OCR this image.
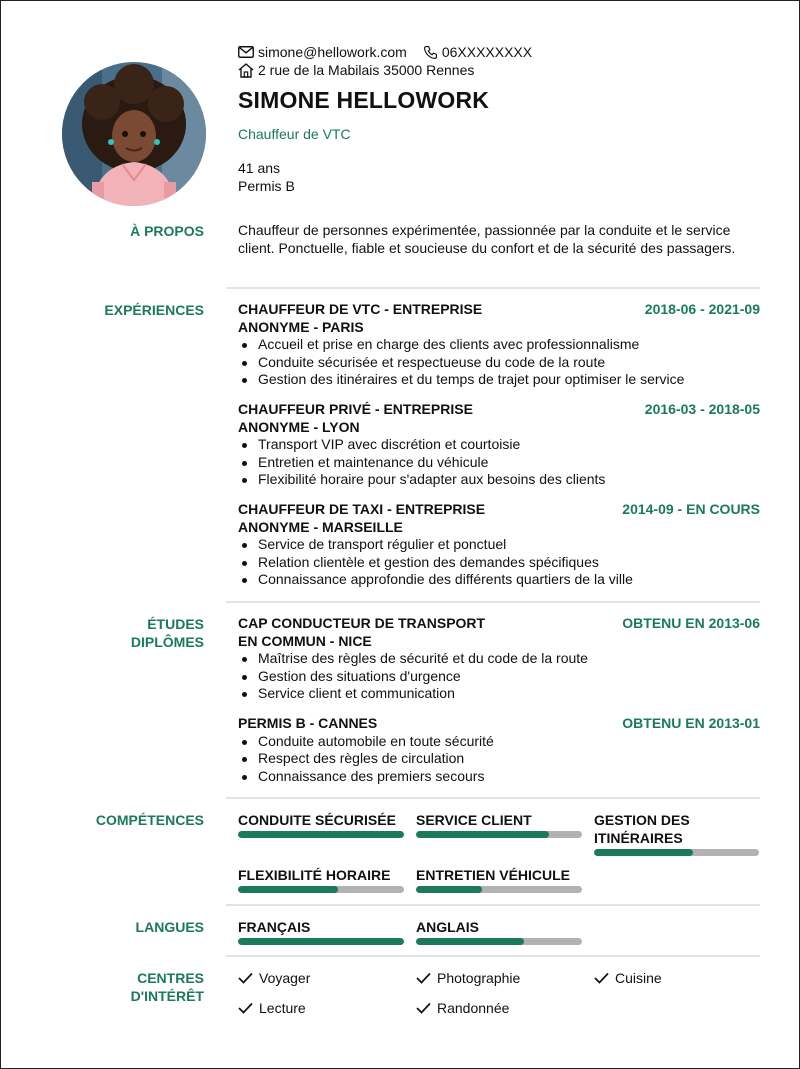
simone@hellowork.com	06XXXXXXXX
2 rue de la Mabilais 35000 Rennes
SIMONE HELLOWORK
Chauffeur de VTC
41 ans
Permis B
À PROPOS Chauffeur de personnes expérimentée, passionnée par la conduite et le service client. Ponctuelle, fiable et soucieuse du confort et de la sécurité des passagers.
EXPÉRIENCES CHAUFFEUR DE VTC - ENTREPRISE	2018-06 - 2021-09
ANONYME - PARIS
Accueil et prise en charge des clients avec professionnalisme
Conduite sécurisée et respectueuse du code de la route
Gestion des itinéraires et du temps de trajet pour optimiser le service
CHAUFFEUR PRIVÉ - ENTREPRISE	2016-03 - 2018-05
ANONYME - LYON
Transport VIP avec discrétion et courtoisie
Entretien et maintenance du véhicule
Flexibilité horaire pour s'adapter aux besoins des clients
CHAUFFEUR DE TAXI - ENTREPRISE	2014-09 - EN COURS
ANONYME - MARSEILLE
Service de transport régulier et ponctuel
Relation clientèle et gestion des demandes spécifiques
Connaissance approfondie des différents quartiers de la ville
ÉTUDES
DIPLÔMES
CAP CONDUCTEUR DE TRANSPORT	OBTENU EN 2013-06
EN COMMUN - NICE
Maîtrise des règles de sécurité et du code de la route
Gestion des situations d'urgence
Service client et communication
PERMIS B - CANNES	OBTENU EN 2013-01
Conduite automobile en toute sécurité
Respect des règles de circulation
Connaissance des premiers secours
COMPÉTENCES CONDUITE SÉCURISÉE	SERVICE CLIENT	GESTION DES ITINÉRAIRES
FLEXIBILITÉ HORAIRE	ENTRETIEN VÉHICULE
LANGUES FRANÇAIS	ANGLAIS
CENTRES
D'INTÉRÊT
Voyager	Photographie	Cuisine
Lecture	Randonnée
